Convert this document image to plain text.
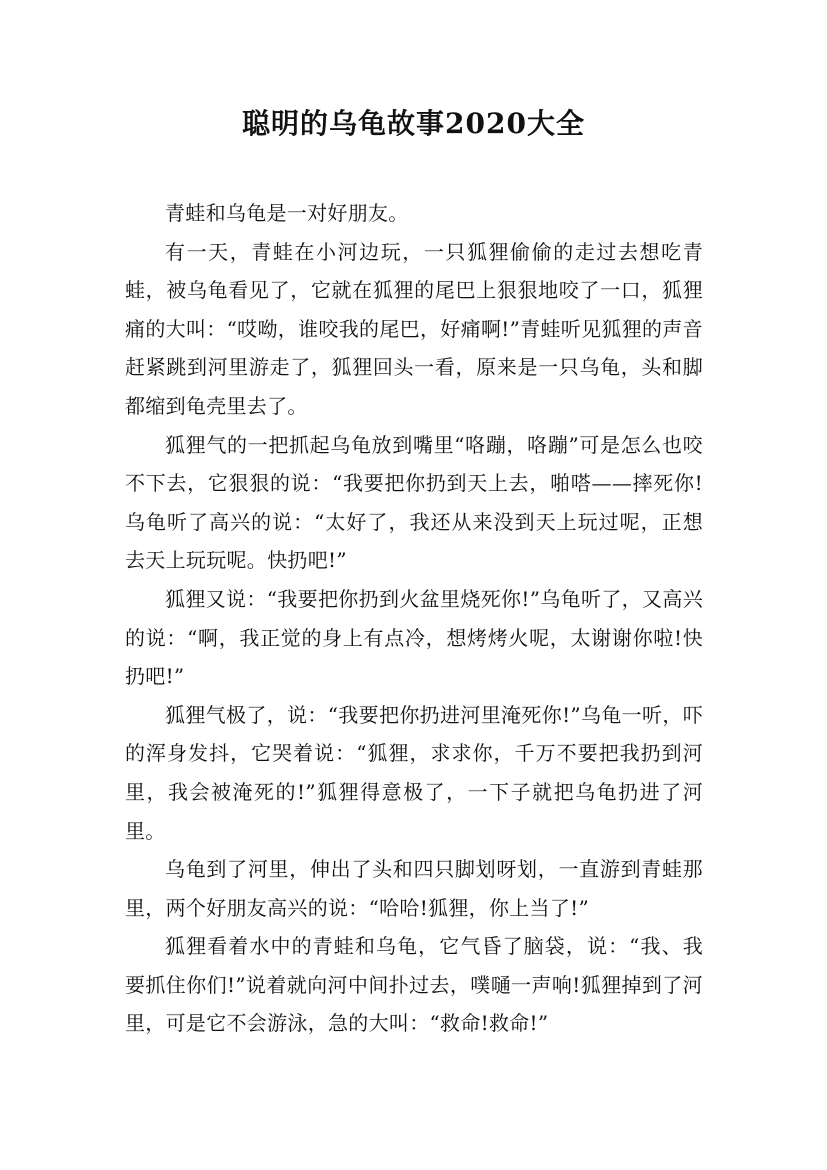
聪明的乌龟故事2020大全

青蛙和乌龟是一对好朋友。

有一天，青蛙在小河边玩，一只狐狸偷偷的走过去想吃青蛙，被乌龟看见了，它就在狐狸的尾巴上狠狠地咬了一口，狐狸痛的大叫：“哎呦，谁咬我的尾巴，好痛啊!”青蛙听见狐狸的声音赶紧跳到河里游走了，狐狸回头一看，原来是一只乌龟，头和脚都缩到龟壳里去了。

狐狸气的一把抓起乌龟放到嘴里“咯蹦，咯蹦”可是怎么也咬不下去，它狠狠的说：“我要把你扔到天上去，啪嗒——摔死你!乌龟听了高兴的说：“太好了，我还从来没到天上玩过呢，正想去天上玩玩呢。快扔吧!”

狐狸又说：“我要把你扔到火盆里烧死你!”乌龟听了，又高兴的说：“啊，我正觉的身上有点冷，想烤烤火呢，太谢谢你啦!快扔吧!”

狐狸气极了，说：“我要把你扔进河里淹死你!”乌龟一听，吓的浑身发抖，它哭着说：“狐狸，求求你，千万不要把我扔到河里，我会被淹死的!”狐狸得意极了，一下子就把乌龟扔进了河里。

乌龟到了河里，伸出了头和四只脚划呀划，一直游到青蛙那里，两个好朋友高兴的说：“哈哈!狐狸，你上当了!”

狐狸看着水中的青蛙和乌龟，它气昏了脑袋，说：“我、我要抓住你们!”说着就向河中间扑过去，噗嗵一声响!狐狸掉到了河里，可是它不会游泳，急的大叫：“救命!救命!”
